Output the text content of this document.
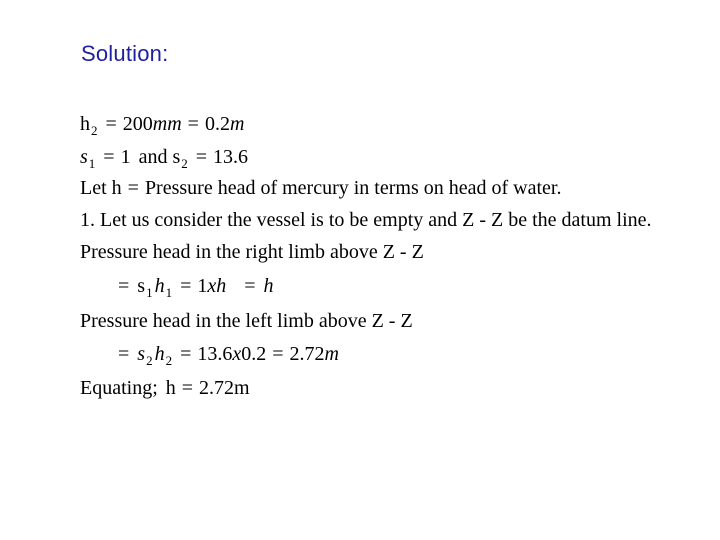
Solution:
$h_2 = 200mm = 0.2m$
$s_1 = 1$ and $s_2 = 13.6$
Let h = Pressure head of mercury in terms on head of water.
1. Let us consider the vessel is to be empty and Z - Z be the datum line.
Pressure head in the right limb above Z - Z
= $s_1$ $h_1 = 1xh = h$
Pressure head in the left limb above Z - Z
= $s_2$ $h_2 = 13.6x0.2 = 2.72m$
Equating; h = 2.72m
